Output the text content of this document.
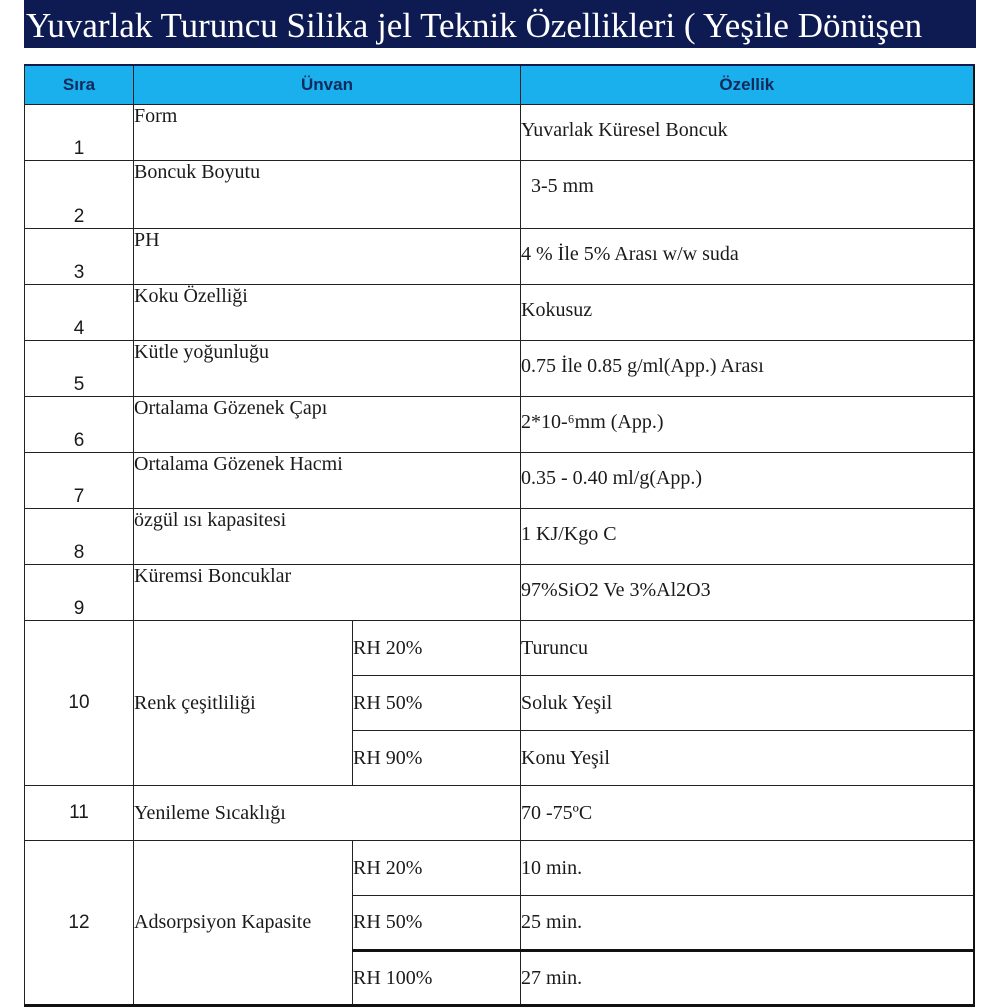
Yuvarlak Turuncu Silika jel Teknik Özellikleri ( Yeşile Dönüşen
Sıra	Ünvan		Özellik
1	Form		Yuvarlak Küresel Boncuk
2	Boncuk Boyutu		3-5 mm
3	PH		4 % İle 5% Arası w/w suda
4	Koku Özelliği		Kokusuz
5	Kütle yoğunluğu		0.75 İle 0.85 g/ml(App.) Arası
6	Ortalama Gözenek Çapı		2*10-⁶mm (App.)
7	Ortalama Gözenek Hacmi		0.35 - 0.40 ml/g(App.)
8	özgül ısı kapasitesi		1 KJ/Kgo C
9	Küremsi Boncuklar		97%SiO2 Ve 3%Al2O3
10	Renk çeşitliliği	RH 20%	Turuncu
		RH 50%	Soluk Yeşil
		RH 90%	Konu Yeşil
11	Yenileme Sıcaklığı		70 -75ºC
12	Adsorpsiyon Kapasite	RH 20%	10 min.
		RH 50%	25 min.
		RH 100%	27 min.
